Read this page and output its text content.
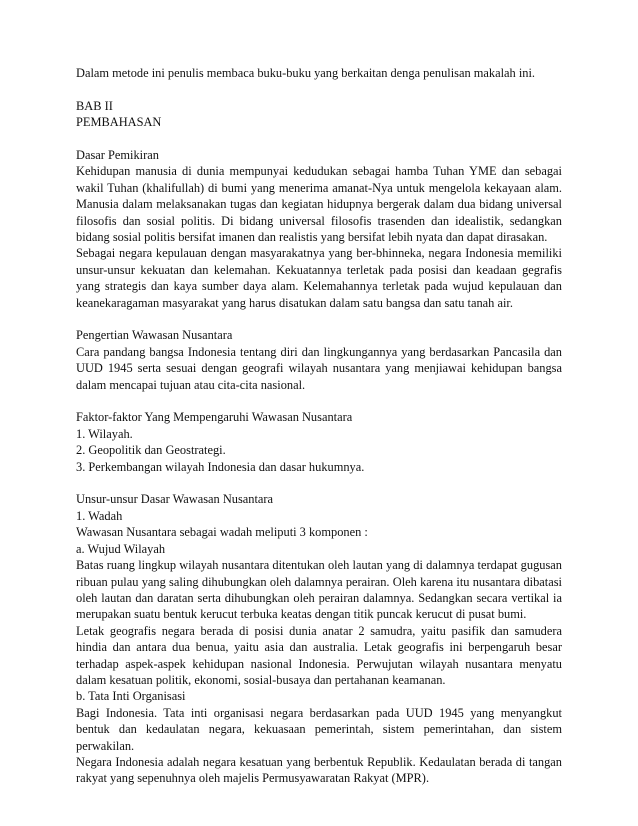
Dalam metode ini penulis membaca buku-buku yang berkaitan denga penulisan makalah ini.

BAB II
PEMBAHASAN
Dasar Pemikiran

Kehidupan manusia di dunia mempunyai kedudukan sebagai hamba Tuhan YME dan sebagai wakil Tuhan (khalifullah) di bumi yang menerima amanat-Nya untuk mengelola kekayaan alam. Manusia dalam melaksanakan tugas dan kegiatan hidupnya bergerak dalam dua bidang universal filosofis dan sosial politis. Di bidang universal filosofis trasenden dan idealistik, sedangkan bidang sosial politis bersifat imanen dan realistis yang bersifat lebih nyata dan dapat dirasakan.

Sebagai negara kepulauan dengan masyarakatnya yang ber-bhinneka, negara Indonesia memiliki unsur-unsur kekuatan dan kelemahan. Kekuatannya terletak pada posisi dan keadaan gegrafis yang strategis dan kaya sumber daya alam. Kelemahannya terletak pada wujud kepulauan dan keanekaragaman masyarakat yang harus disatukan dalam satu bangsa dan satu tanah air.

Pengertian Wawasan Nusantara

Cara pandang bangsa Indonesia tentang diri dan lingkungannya yang berdasarkan Pancasila dan UUD 1945 serta sesuai dengan geografi wilayah nusantara yang menjiawai kehidupan bangsa dalam mencapai tujuan atau cita-cita nasional.

Faktor-faktor Yang Mempengaruhi Wawasan Nusantara
1. Wilayah.
2. Geopolitik dan Geostrategi.
3. Perkembangan wilayah Indonesia dan dasar hukumnya.
Unsur-unsur Dasar Wawasan Nusantara
1. Wadah
Wawasan Nusantara sebagai wadah meliputi 3 komponen :
a. Wujud Wilayah

Batas ruang lingkup wilayah nusantara ditentukan oleh lautan yang di dalamnya terdapat gugusan ribuan pulau yang saling dihubungkan oleh dalamnya perairan. Oleh karena itu nusantara dibatasi oleh lautan dan daratan serta dihubungkan oleh perairan dalamnya. Sedangkan secara vertikal ia merupakan suatu bentuk kerucut terbuka keatas dengan titik puncak kerucut di pusat bumi.

Letak geografis negara berada di posisi dunia anatar 2 samudra, yaitu pasifik dan samudera hindia dan antara dua benua, yaitu asia dan australia. Letak geografis ini berpengaruh besar terhadap aspek-aspek kehidupan nasional Indonesia. Perwujutan wilayah nusantara menyatu dalam kesatuan politik, ekonomi, sosial-busaya dan pertahanan keamanan.

b. Tata Inti Organisasi

Bagi Indonesia. Tata inti organisasi negara berdasarkan pada UUD 1945 yang menyangkut bentuk dan kedaulatan negara, kekuasaan pemerintah, sistem pemerintahan, dan sistem perwakilan.

Negara Indonesia adalah negara kesatuan yang berbentuk Republik. Kedaulatan berada di tangan rakyat yang sepenuhnya oleh majelis Permusyawaratan Rakyat (MPR).
